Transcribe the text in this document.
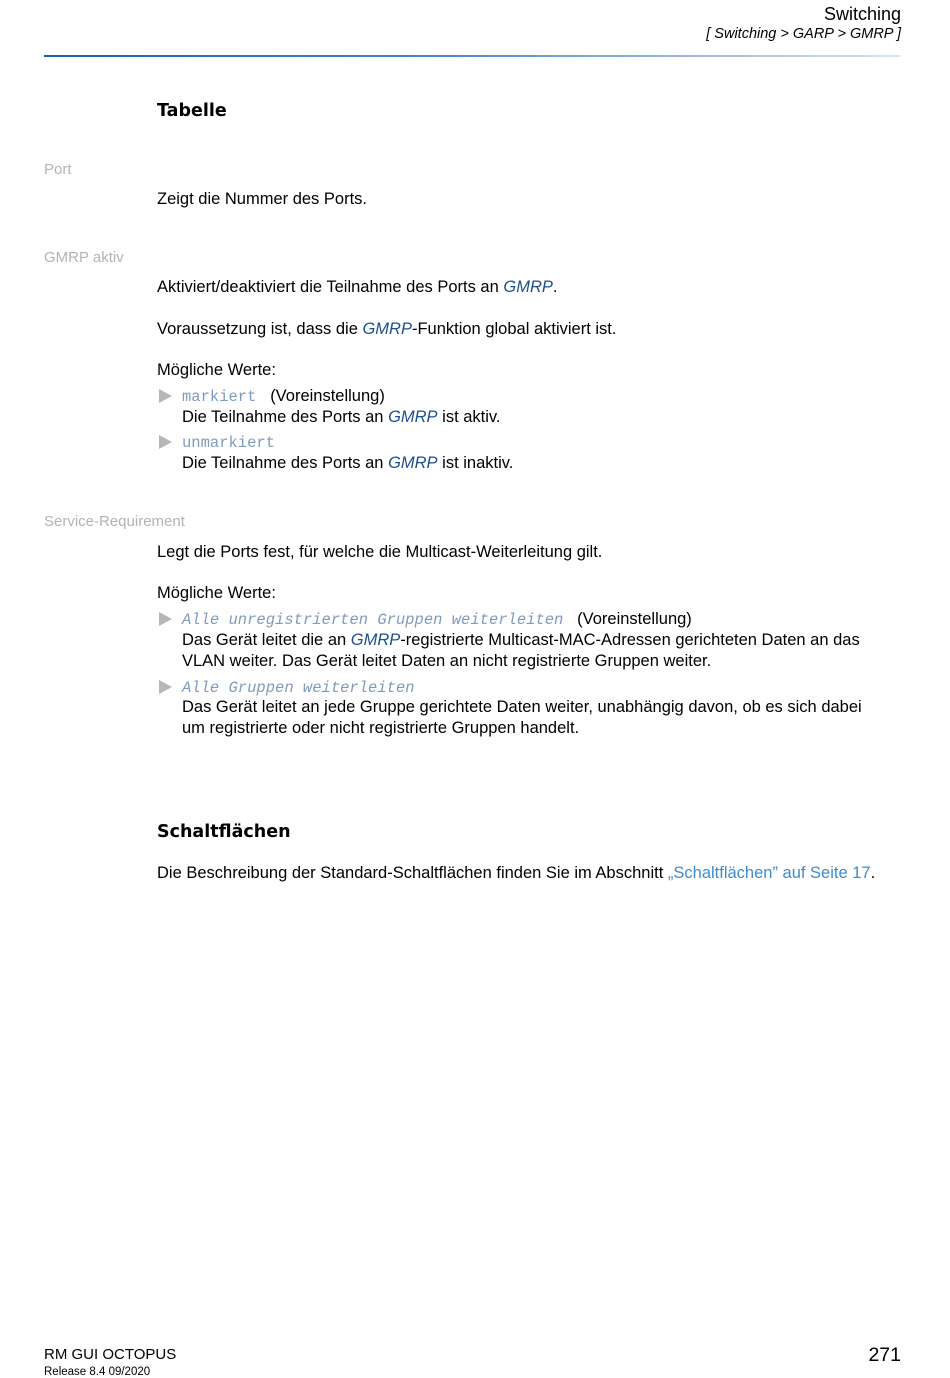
Switching
[ Switching > GARP > GMRP ]
Tabelle
Port
Zeigt die Nummer des Ports.
GMRP aktiv
Aktiviert/deaktiviert die Teilnahme des Ports an GMRP.
Voraussetzung ist, dass die GMRP-Funktion global aktiviert ist.
Mögliche Werte:
markiert (Voreinstellung)
Die Teilnahme des Ports an GMRP ist aktiv.
unmarkiert
Die Teilnahme des Ports an GMRP ist inaktiv.
Service-Requirement
Legt die Ports fest, für welche die Multicast-Weiterleitung gilt.
Mögliche Werte:
Alle unregistrierten Gruppen weiterleiten (Voreinstellung)
Das Gerät leitet die an GMRP-registrierte Multicast-MAC-Adressen gerichteten Daten an das
VLAN weiter. Das Gerät leitet Daten an nicht registrierte Gruppen weiter.
Alle Gruppen weiterleiten
Das Gerät leitet an jede Gruppe gerichtete Daten weiter, unabhängig davon, ob es sich dabei
um registrierte oder nicht registrierte Gruppen handelt.
Schaltflächen
Die Beschreibung der Standard-Schaltflächen finden Sie im Abschnitt „Schaltflächen” auf Seite 17.
RM GUI OCTOPUS
Release 8.4 09/2020
271
